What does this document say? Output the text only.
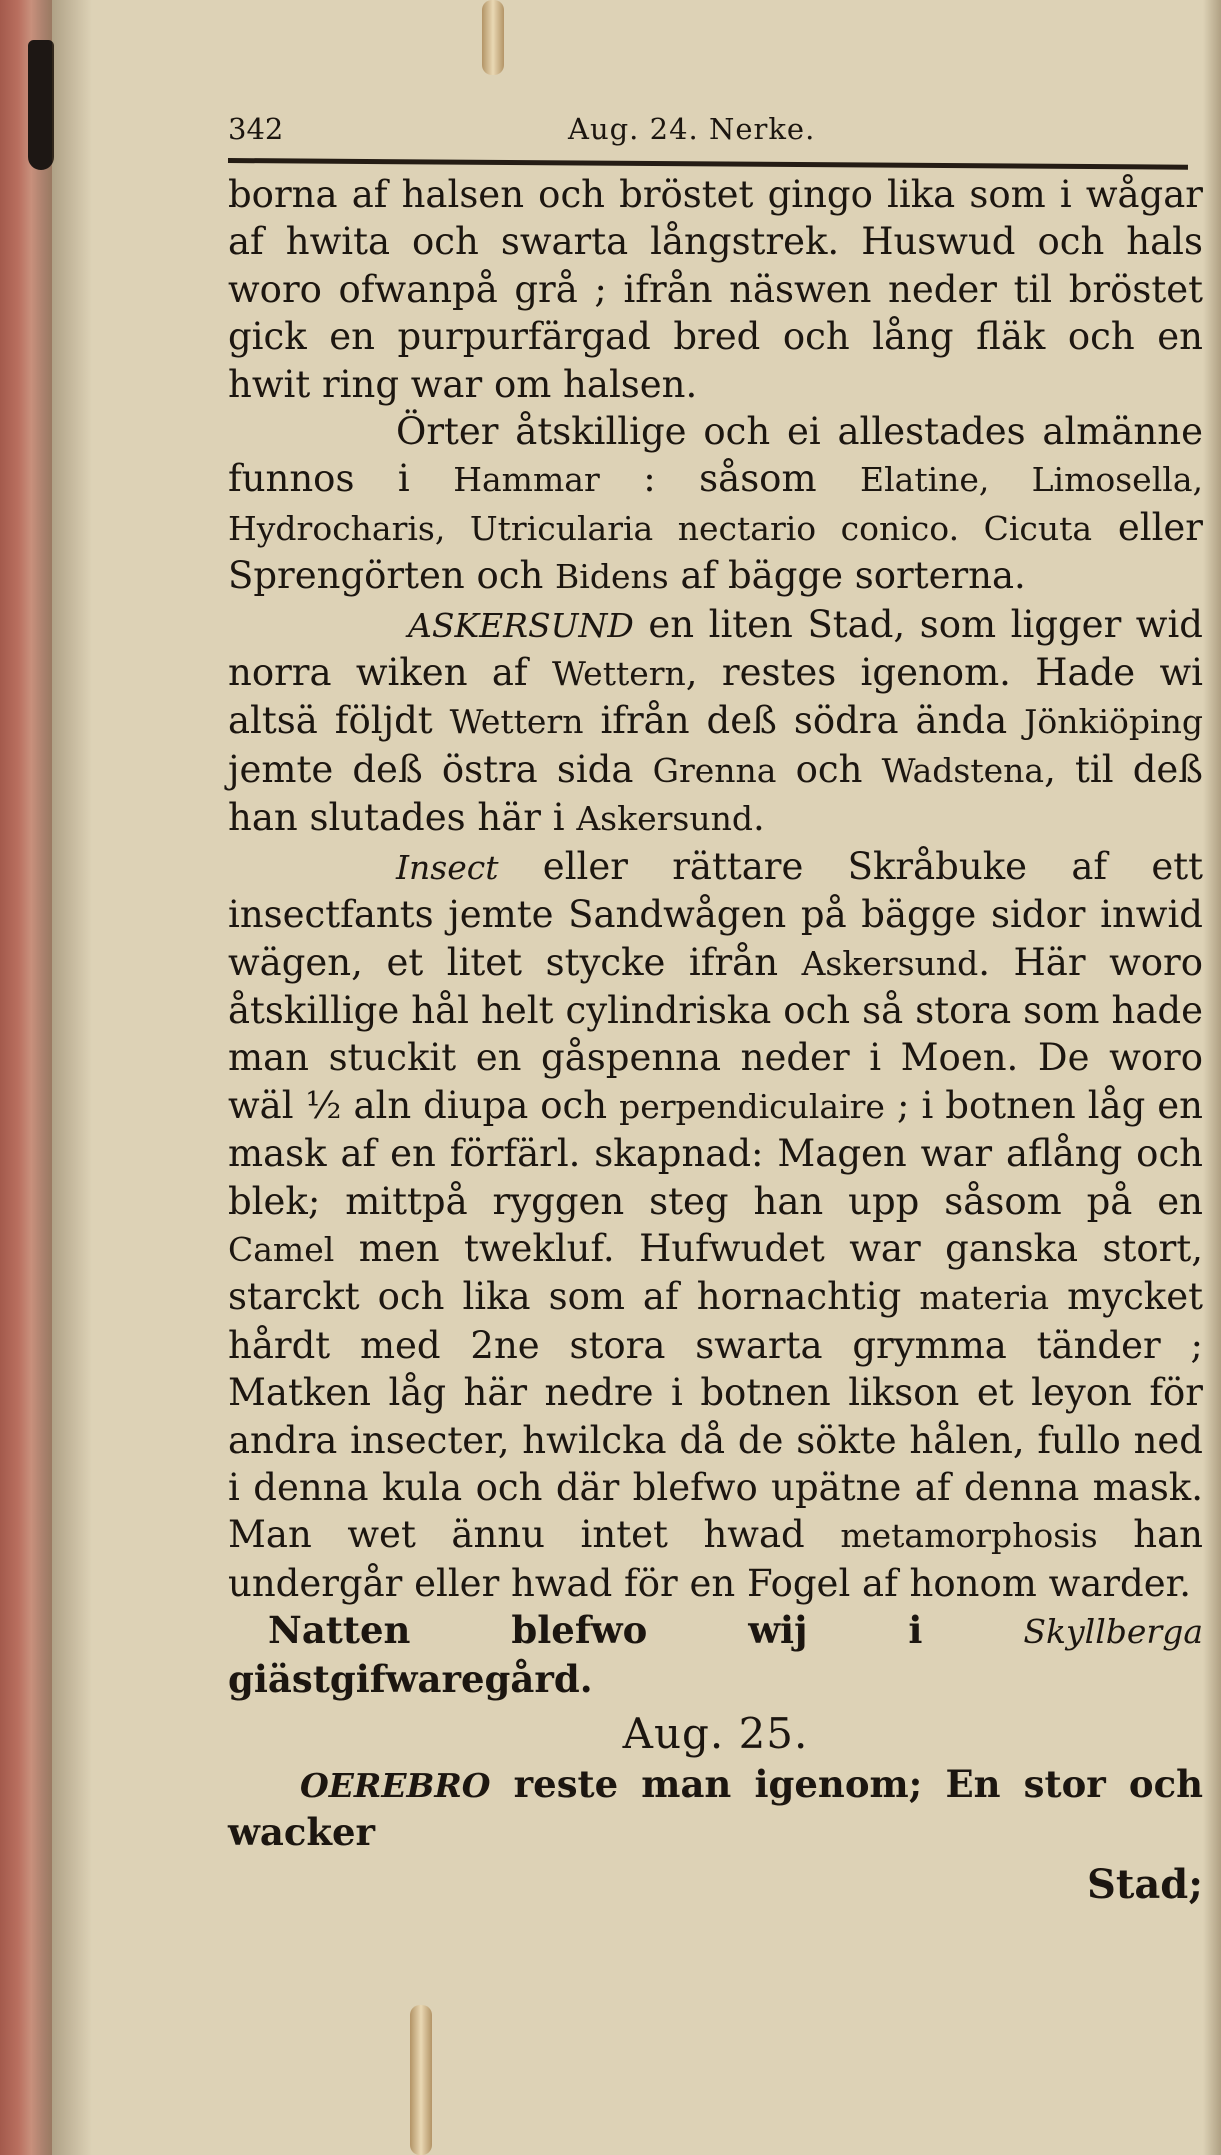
342	Aug. 24. Nerke.

borna af halsen och bröstet gingo lika som i wågar af hwita och swarta långstrek. Huswud och hals woro ofwanpå grå ; ifrån näswen neder til bröstet gick en purpurfärgad bred och lång fläk och en hwit ring war om halsen.

Örter åtskillige och ei allestades almänne funnos i Hammar : såsom Elatine, Limosella, Hydrocharis, Utricularia nectario conico. Cicuta eller Sprengörten och Bidens af bägge sorterna.

ASKERSUND en liten Stad, som ligger wid norra wiken af Wettern, restes igenom. Hade wi altsä följdt Wettern ifrån deß södra ända Jönkiöping jemte deß östra sida Grenna och Wadstena, til deß han slutades här i Askersund.

Insect eller rättare Skråbuke af ett insectfants jemte Sandwågen på bägge sidor inwid wägen, et litet stycke ifrån Askersund. Här woro åtskillige hål helt cylindriska och så stora som hade man stuckit en gåspenna neder i Moen. De woro wäl ½ aln diupa och perpendiculaire ; i botnen låg en mask af en förfärl. skapnad: Magen war aflång och blek; mittpå ryggen steg han upp såsom på en Camel men twekluf. Hufwudet war ganska stort, starckt och lika som af hornachtig materia mycket hårdt med 2ne stora swarta grymma tänder ; Matken låg här nedre i botnen likson et leyon för andra insecter, hwilcka då de sökte hålen, fullo ned i denna kula och där blefwo upätne af denna mask. Man wet ännu intet hwad metamorphosis han undergår eller hwad för en Fogel af honom warder.

Natten blefwo wij i Skyllberga giästgifwaregård.

Aug. 25.

OEREBRO reste man igenom; En stor och wacker

Stad;
